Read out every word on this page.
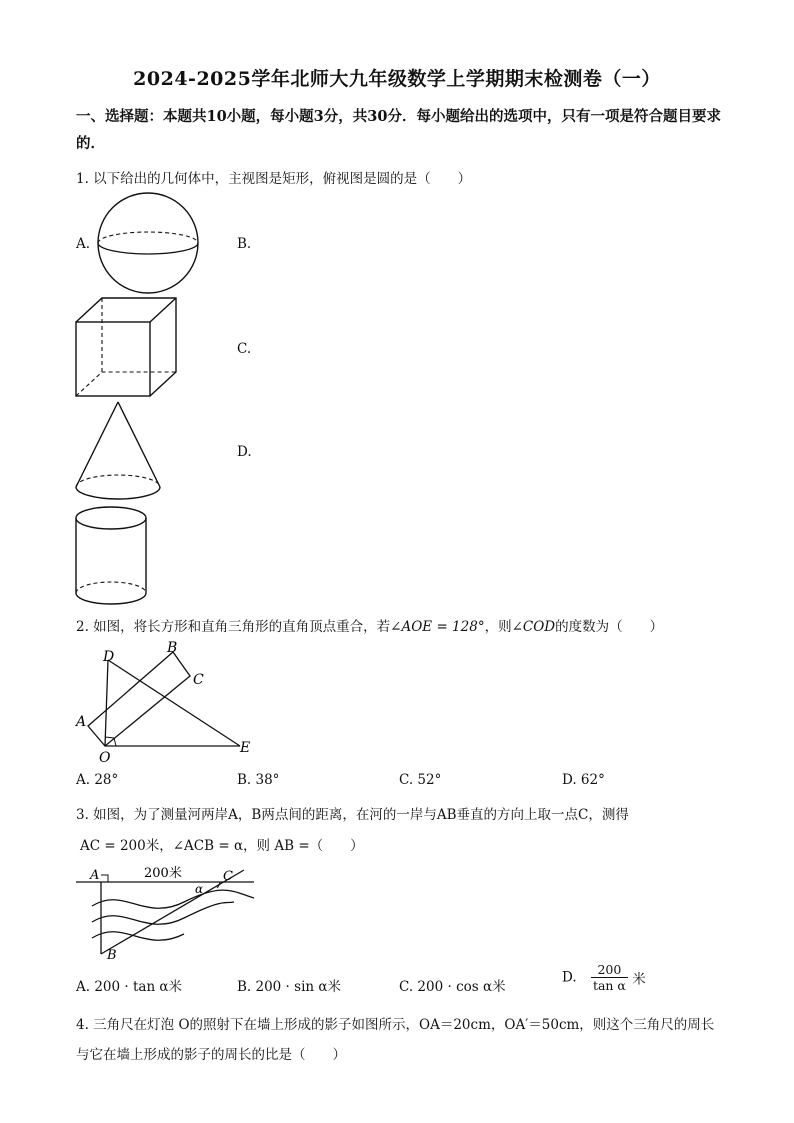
2024-2025学年北师大九年级数学上学期期末检测卷（一）
一、选择题：本题共10小题，每小题3分，共30分．每小题给出的选项中，只有一项是符合题目要求的．
1. 以下给出的几何体中，主视图是矩形，俯视图是圆的是（　　）
A.	B.
C.
D.
2. 如图，将长方形和直角三角形的直角顶点重合，若∠AOE = 128°，则∠COD的度数为（　　）
D
B
C
A
O
E
A. 28°	B. 38°	C. 52°	D. 62°
3. 如图，为了测量河两岸A，B两点间的距离，在河的一岸与AB垂直的方向上取一点C，测得
AC = 200米，∠ACB = α，则 AB =（　　）
A	200米	C
α
B
A. 200 · tan α米	B. 200 · sin α米	C. 200 · cos α米
D. $\frac{200}{\text{tan α}}$ 米
4. 三角尺在灯泡 O的照射下在墙上形成的影子如图所示，OA＝20cm，OA′＝50cm，则这个三角尺的周长
与它在墙上形成的影子的周长的比是（　　）
